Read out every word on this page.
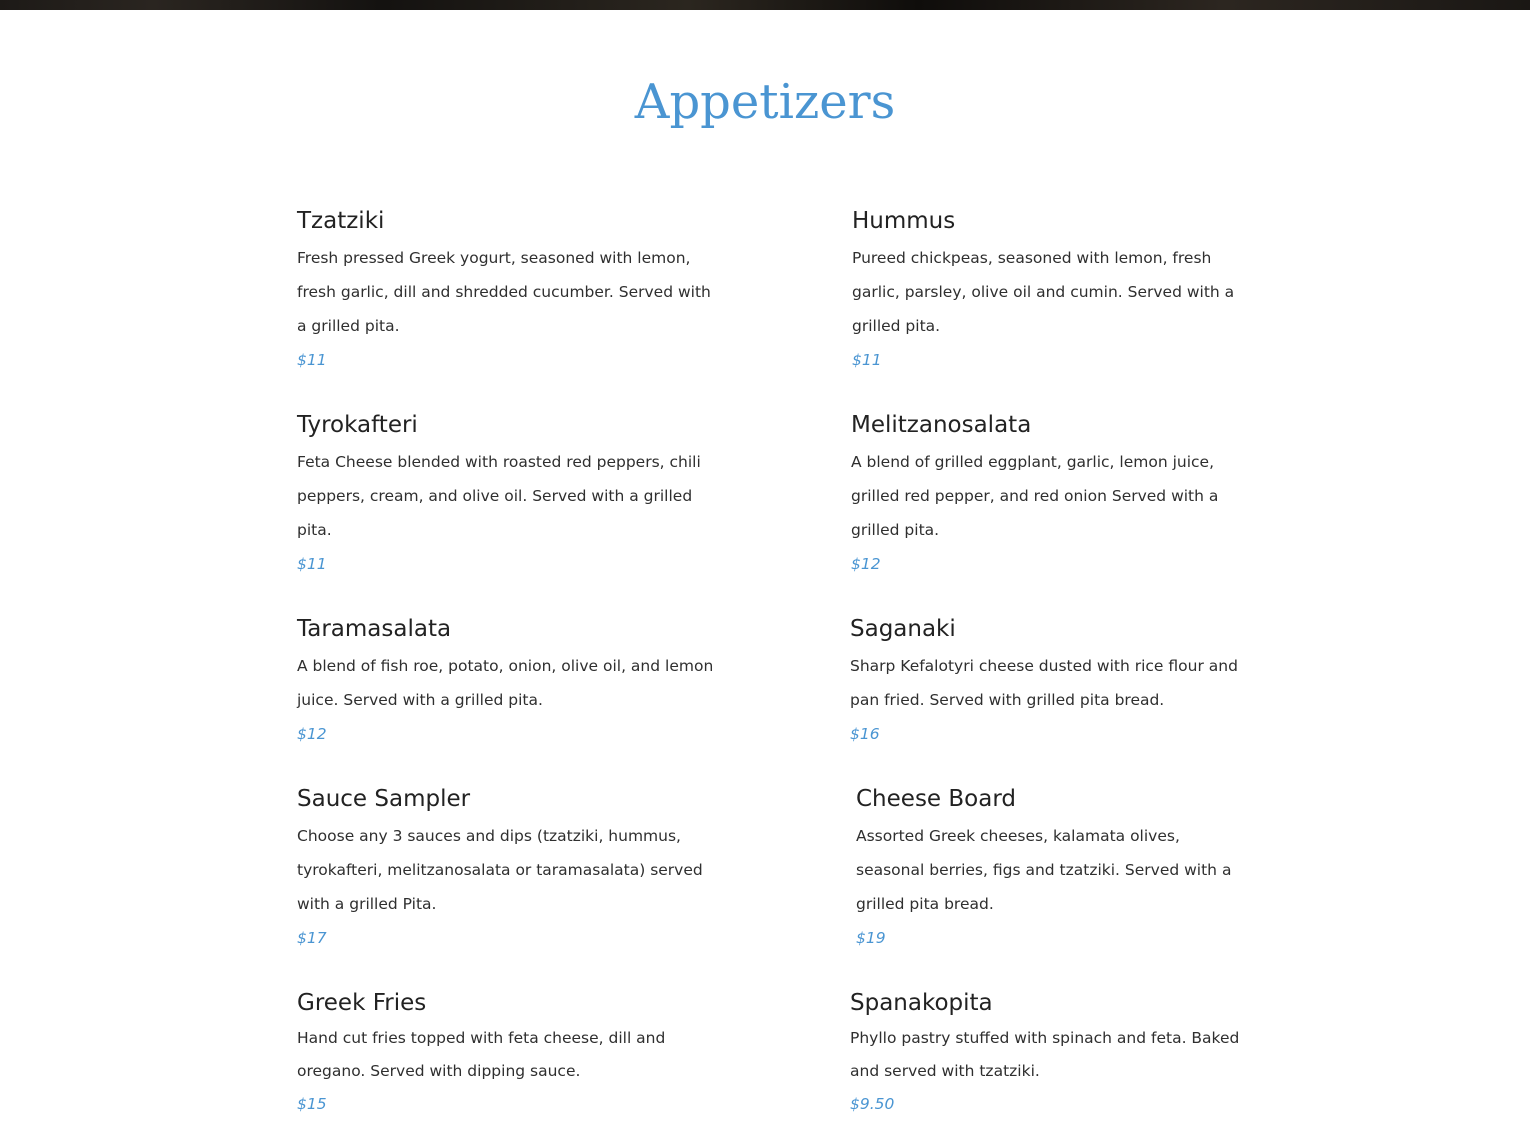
Appetizers
Tzatziki

Fresh pressed Greek yogurt, seasoned with lemon, fresh garlic, dill and shredded cucumber. Served with a grilled pita.

$11

Hummus

Pureed chickpeas, seasoned with lemon, fresh garlic, parsley, olive oil and cumin. Served with a grilled pita.

$11

Tyrokafteri

Feta Cheese blended with roasted red peppers, chili peppers, cream, and olive oil. Served with a grilled pita.

$11

Melitzanosalata

A blend of grilled eggplant, garlic, lemon juice, grilled red pepper, and red onion Served with a grilled pita.

$12

Taramasalata

A blend of fish roe, potato, onion, olive oil, and lemon juice. Served with a grilled pita.

$12

Saganaki

Sharp Kefalotyri cheese dusted with rice flour and pan fried. Served with grilled pita bread.

$16

Sauce Sampler

Choose any 3 sauces and dips (tzatziki, hummus, tyrokafteri, melitzanosalata or taramasalata) served with a grilled Pita.

$17

Cheese Board

Assorted Greek cheeses, kalamata olives, seasonal berries, figs and tzatziki. Served with a grilled pita bread.

$19

Greek Fries

Hand cut fries topped with feta cheese, dill and oregano. Served with dipping sauce.

$15

Spanakopita

Phyllo pastry stuffed with spinach and feta. Baked and served with tzatziki.

$9.50
